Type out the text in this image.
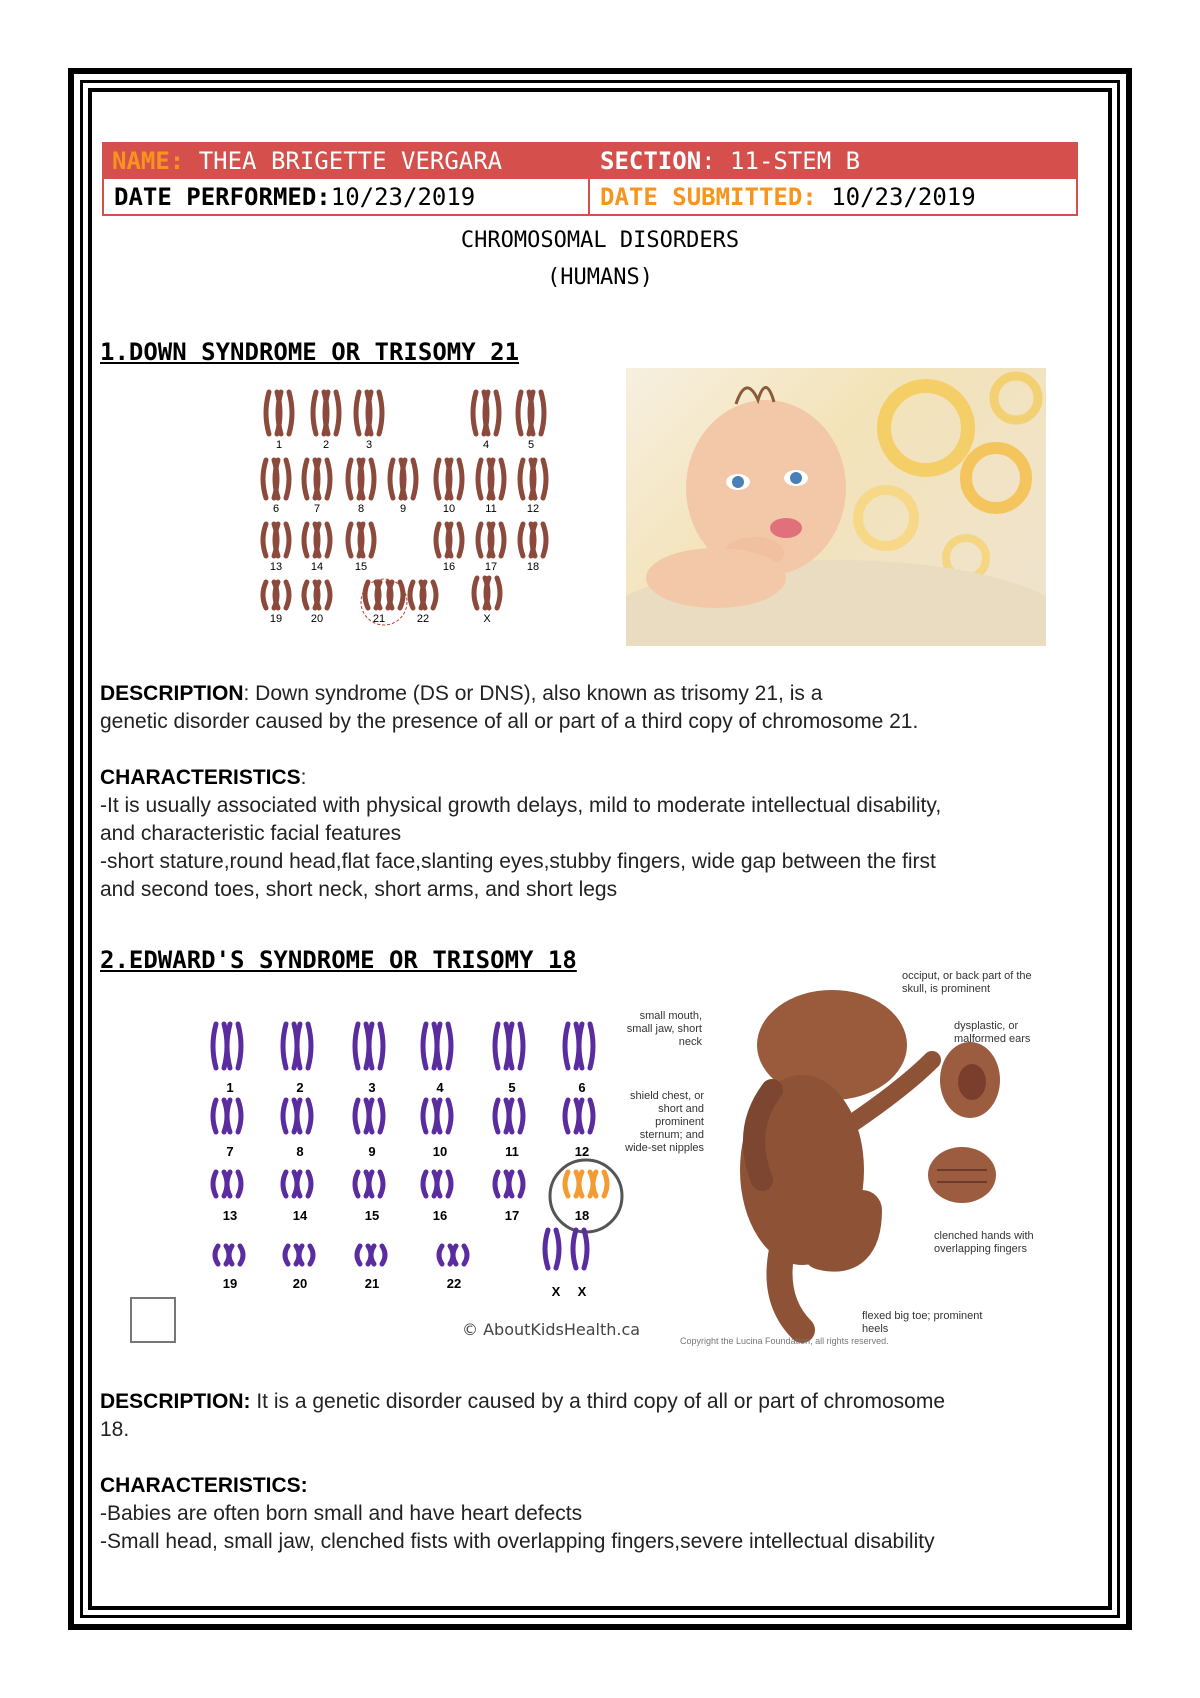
NAME: THEA BRIGETTE VERGARA	SECTION : 11-STEM B
DATE PERFORMED: 10/23/2019	DATE SUBMITTED: 10/23/2019
CHROMOSOMAL DISORDERS
(HUMANS)
1.DOWN SYNDROME OR TRISOMY 21
1	2	3	4	5
6	7	8	9	10	11	12
13	14	15	16	17	18
19	20	21	22	X
DESCRIPTION: Down syndrome (DS or DNS), also known as trisomy 21, is a
genetic disorder caused by the presence of all or part of a third copy of chromosome 21.
CHARACTERISTICS:
-It is usually associated with physical growth delays, mild to moderate intellectual disability,
and characteristic facial features
-short stature,round head,flat face,slanting eyes,stubby fingers, wide gap between the first
and second toes, short neck, short arms, and short legs
2.EDWARD'S SYNDROME OR TRISOMY 18
1	2	3	4	5	6
7	8	9	10	11	12
13	14	15	16	17	18
19	20	21	22
X X
© AboutKidsHealth.ca
occiput, or back part of the skull, is prominent
small mouth, small jaw, short neck
dysplastic, or malformed ears
shield chest, or short and prominent sternum; and wide-set nipples
clenched hands with overlapping fingers
flexed big toe; prominent heels
Copyright the Lucina Foundation, all rights reserved.
DESCRIPTION: It is a genetic disorder caused by a third copy of all or part of chromosome
18.
CHARACTERISTICS:
-Babies are often born small and have heart defects
-Small head, small jaw, clenched fists with overlapping fingers,severe intellectual disability
